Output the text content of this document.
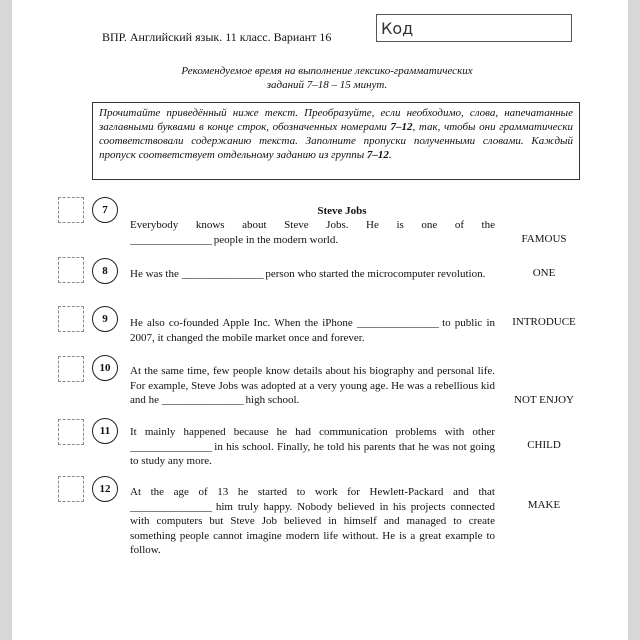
ВПР. Английский язык. 11 класс. Вариант 16	Код
Рекомендуемое время на выполнение лексико-грамматических заданий 7–18 – 15 минут.
Прочитайте приведённый ниже текст. Преобразуйте, если необходимо, слова, напечатанные заглавными буквами в конце строк, обозначенных номерами 7–12, так, чтобы они грамматически соответствовали содержанию текста. Заполните пропуски полученными словами. Каждый пропуск соответствует отдельному заданию из группы 7–12.
Steve Jobs
7
Everybody knows about Steve Jobs. He is one of the
__________________ people in the modern world.	FAMOUS
8	He was the __________________ person who started the microcomputer revolution.	ONE
9	He also co-founded Apple Inc. When the iPhone __________________ to public in 2007, it changed the mobile market once and forever.
INTRODUCE
10	At the same time, few people know details about his biography and personal life. For example, Steve Jobs was adopted at a very young age. He was a rebellious kid and he __________________ high school.	NOT ENJOY
11	It mainly happened because he had communication problems with other __________________ in his school. Finally, he told his parents that he was not going to study any more.
CHILD
12	At the age of 13 he started to work for Hewlett-Packard and that __________________ him truly happy. Nobody believed in his projects connected with computers but Steve Job believed in himself and managed to create something people cannot imagine modern life without. He is a great example to follow.
MAKE
